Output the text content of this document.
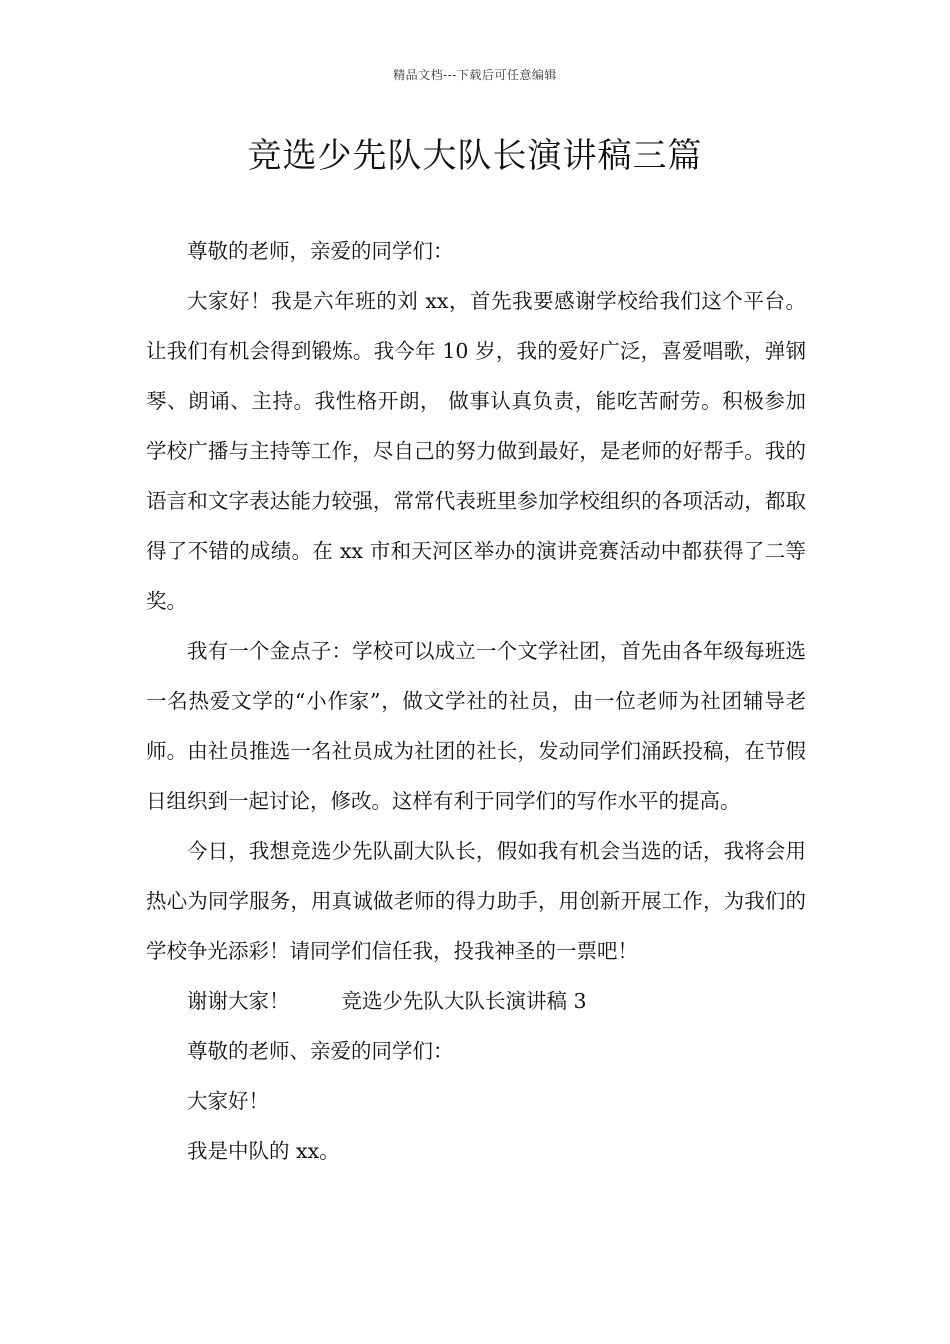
精品文档---下载后可任意编辑
竞选少先队大队长演讲稿三篇

尊敬的老师，亲爱的同学们：

大家好！我是六年班的刘 xx，首先我要感谢学校给我们这个平台。让我们有机会得到锻炼。我今年 10 岁，我的爱好广泛，喜爱唱歌，弹钢琴、朗诵、主持。我性格开朗， 做事认真负责，能吃苦耐劳。积极参加学校广播与主持等工作，尽自己的努力做到最好，是老师的好帮手。我的语言和文字表达能力较强，常常代表班里参加学校组织的各项活动，都取得了不错的成绩。在 xx 市和天河区举办的演讲竞赛活动中都获得了二等奖。

我有一个金点子：学校可以成立一个文学社团，首先由各年级每班选一名热爱文学的“小作家”，做文学社的社员，由一位老师为社团辅导老师。由社员推选一名社员成为社团的社长，发动同学们涌跃投稿，在节假日组织到一起讨论，修改。这样有利于同学们的写作水平的提高。

今日，我想竞选少先队副大队长，假如我有机会当选的话，我将会用热心为同学服务，用真诚做老师的得力助手，用创新开展工作，为我们的学校争光添彩！请同学们信任我，投我神圣的一票吧！

谢谢大家！	竞选少先队大队长演讲稿 3

尊敬的老师、亲爱的同学们：

大家好！

我是中队的 xx。
